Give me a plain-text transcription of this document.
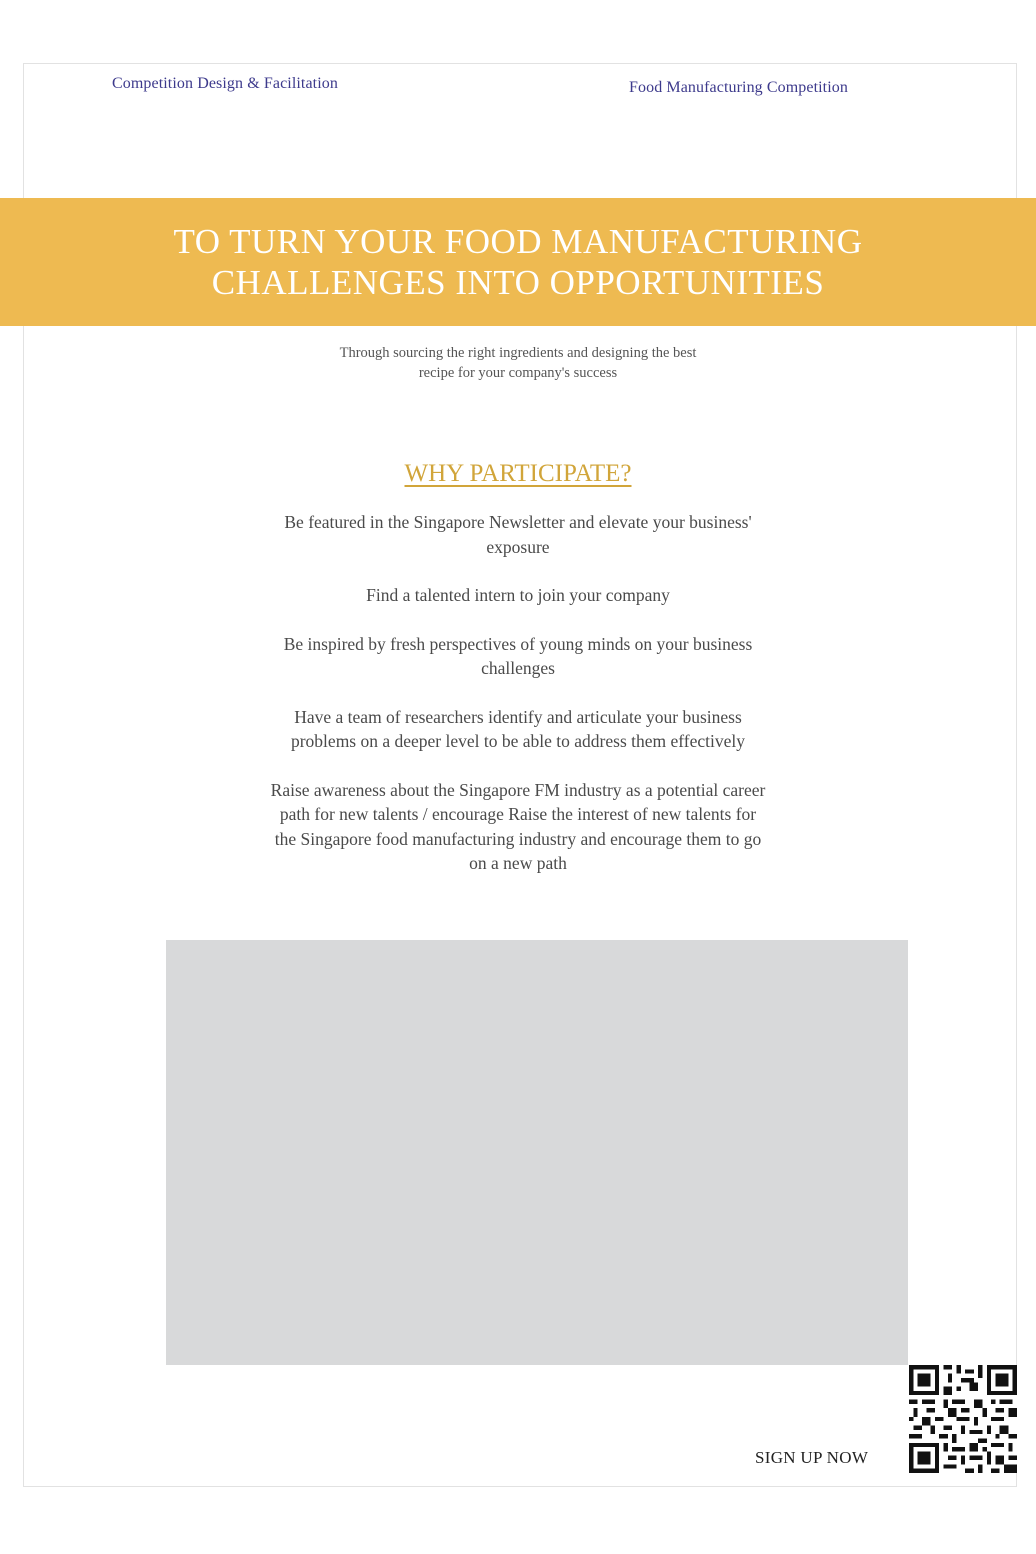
Competition Design & Facilitation	Food Manufacturing Competition
TO TURN YOUR FOOD MANUFACTURING
CHALLENGES INTO OPPORTUNITIES

Through sourcing the right ingredients and designing the best
recipe for your company's success

WHY PARTICIPATE?
Be featured in the Singapore Newsletter and elevate your business' exposure
Find a talented intern to join your company
Be inspired by fresh perspectives of young minds on your business challenges
Have a team of researchers identify and articulate your business problems on a deeper level to be able to address them effectively
Raise awareness about the Singapore FM industry as a potential career path for new talents / encourage Raise the interest of new talents for the Singapore food manufacturing industry and encourage them to go on a new path
SIGN UP NOW
